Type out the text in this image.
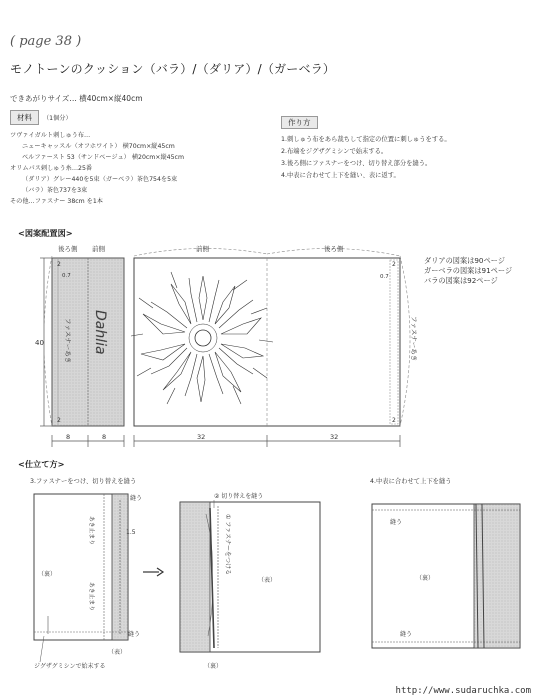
( page 38 )
モノトーンのクッション（バラ）/（ダリア）/（ガーベラ）
できあがりサイズ… 横40cm×縦40cm
材料	（1個分）
ツヴァイガルト刺しゅう布…
ニューキャッスル（オフホワイト） 横70cm×縦45cm
ベルファースト 53（サンドベージュ） 横20cm×縦45cm
オリムパス刺しゅう糸…25番
（ダリア）グレー440を5束（ガーベラ）茶色754を5束
（バラ）茶色737を3束
その他…ファスナー 38cm を1本
作り方
1.刺しゅう布をあら裁ちして指定の位置に刺しゅうをする。
2.布端をジグザグミシンで始末する。
3.後ろ側にファスナーをつけ、切り替え部分を縫う。
4.中表に合わせて上下を縫い、表に返す。
<図案配置図>
後ろ側 前側
2
0.7
2
Dahlia
ファスナーあき
40
8	8
前側	後ろ側
2
0.7
2
ファスナーあき
32	32
ダリアの図案は90ページ
ガーベラの図案は91ページ
バラの図案は92ページ
<仕立て方>
3.ファスナーをつけ、切り替えを縫う	4.中表に合わせて上下を縫う
縫う
1.5
あき止まり
あき止まり
（裏）
（表）
縫う
ジグザグミシンで始末する
② 切り替えを縫う
① ファスナーをつける
（表）
（裏）
縫う
（裏）
縫う
http://www.sudaruchka.com
